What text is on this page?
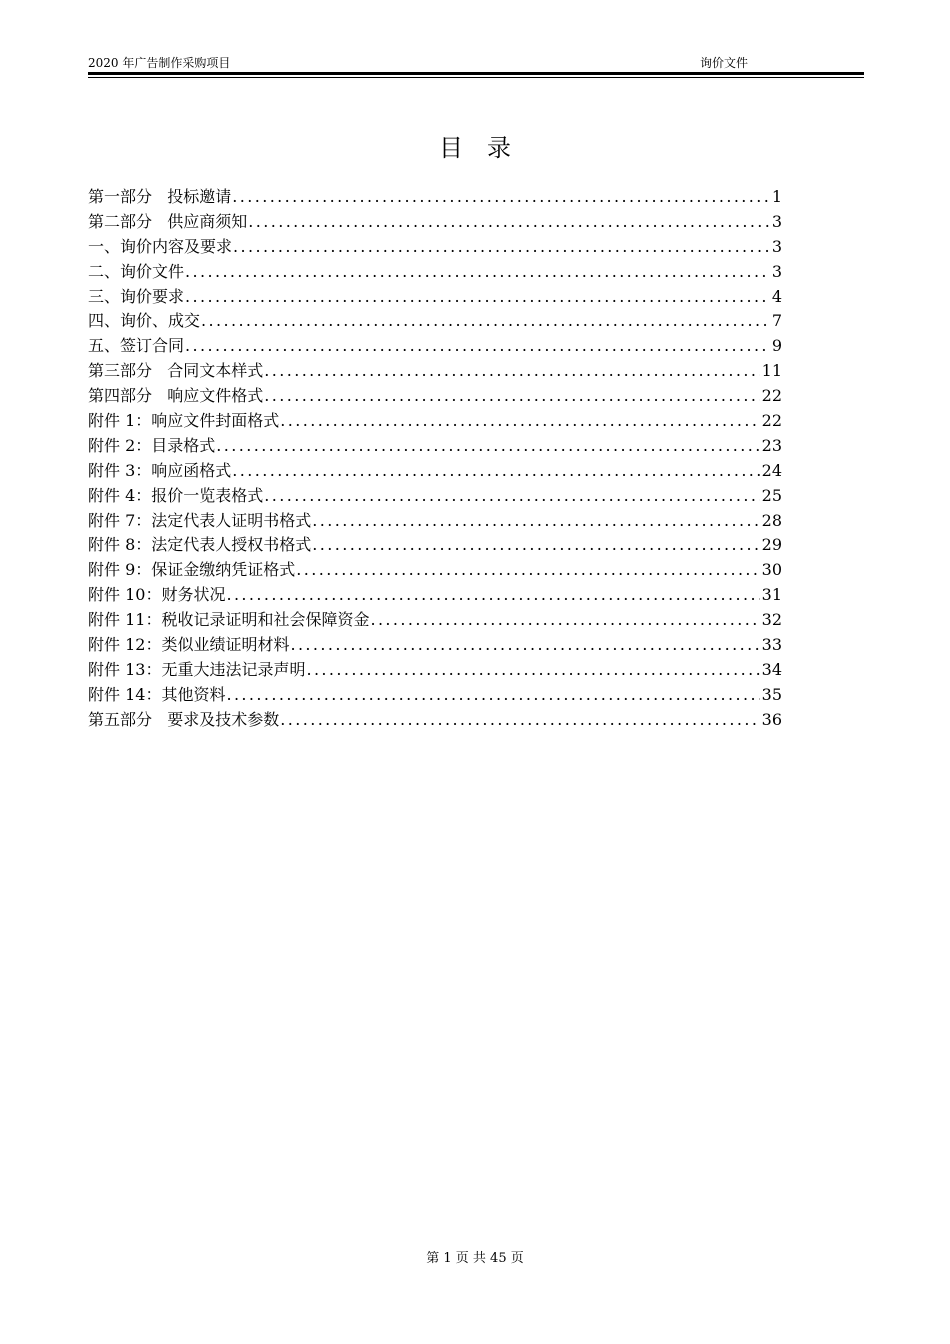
2020 年广告制作采购项目	询价文件
目录
第一部分   投标邀请 .....	1
第二部分   供应商须知 .....	3
一、询价内容及要求 .....	3
二、询价文件 .....	3
三、询价要求 .....	4
四、询价、成交 .....	7
五、签订合同 .....	9
第三部分   合同文本样式 .....	11
第四部分   响应文件格式 .....	22
附件 1：响应文件封面格式 .....	22
附件 2：目录格式 .....	23
附件 3：响应函格式 .....	24
附件 4：报价一览表格式 .....	25
附件 7：法定代表人证明书格式 .....	28
附件 8：法定代表人授权书格式 .....	29
附件 9：保证金缴纳凭证格式 .....	30
附件 10：财务状况 .....	31
附件 11：税收记录证明和社会保障资金 .....	32
附件 12：类似业绩证明材料 .....	33
附件 13：无重大违法记录声明 .....	34
附件 14：其他资料 .....	35
第五部分   要求及技术参数 .....	36
第 1 页 共 45 页
